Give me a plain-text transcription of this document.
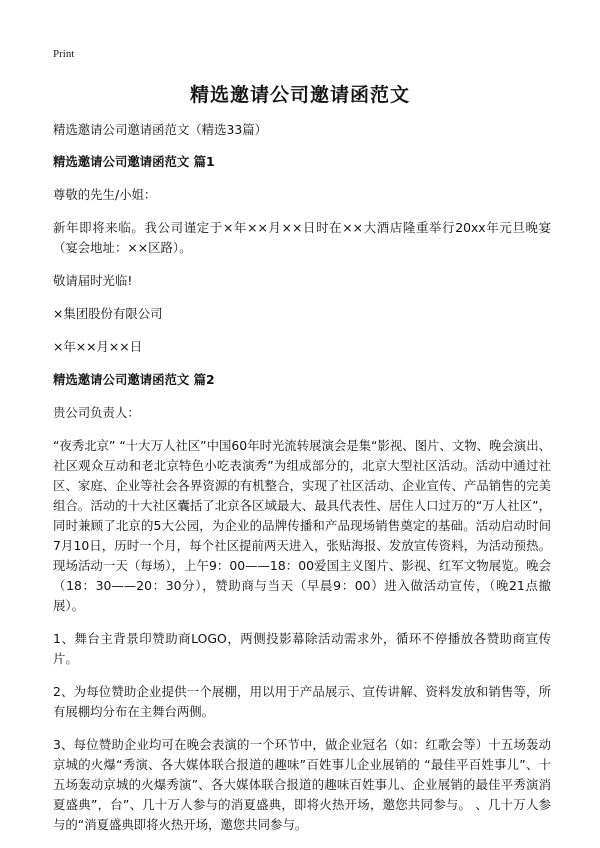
Print
精选邀请公司邀请函范文

精选邀请公司邀请函范文（精选33篇）

精选邀请公司邀请函范文 篇1

尊敬的先生/小姐：

新年即将来临。我公司谨定于×年××月××日时在××大酒店隆重举行20xx年元旦晚宴（宴会地址：××区路）。

敬请届时光临!

×集团股份有限公司

×年××月××日

精选邀请公司邀请函范文 篇2

贵公司负责人：

“夜秀北京” “十大万人社区”中国60年时光流转展演会是集“影视、图片、文物、晚会演出、社区观众互动和老北京特色小吃表演秀”为组成部分的，北京大型社区活动。活动中通过社区、家庭、企业等社会各界资源的有机整合，实现了社区活动、企业宣传、产品销售的完美组合。活动的十大社区囊括了北京各区域最大、最具代表性、居住人口过万的“万人社区”，同时兼顾了北京的5大公园，为企业的品牌传播和产品现场销售奠定的基础。活动启动时间7月10日，历时一个月，每个社区提前两天进入，张贴海报、发放宣传资料，为活动预热。现场活动一天（每场），上午9：00——18：00爱国主义图片、影视、红军文物展览。晚会（18：30——20：30分），赞助商与当天（早晨9：00）进入做活动宣传，（晚21点撤展）。

1、舞台主背景印赞助商LOGO，两侧投影幕除活动需求外，循环不停播放各赞助商宣传片。

2、为每位赞助企业提供一个展棚，用以用于产品展示、宣传讲解、资料发放和销售等，所有展棚均分布在主舞台两侧。

3、每位赞助企业均可在晚会表演的一个环节中，做企业冠名（如：红歌会等）十五场轰动京城的火爆“秀演、各大媒体联合报道的趣味”百姓事儿企业展销的 “最佳平百姓事儿”、十五场轰动京城的火爆秀演”、各大媒体联合报道的趣味百姓事儿、企业展销的最佳平秀演消夏盛典”，台”、几十万人参与的消夏盛典，即将火热开场，邀您共同参与。 、几十万人参与的“消夏盛典即将火热开场，邀您共同参与。
